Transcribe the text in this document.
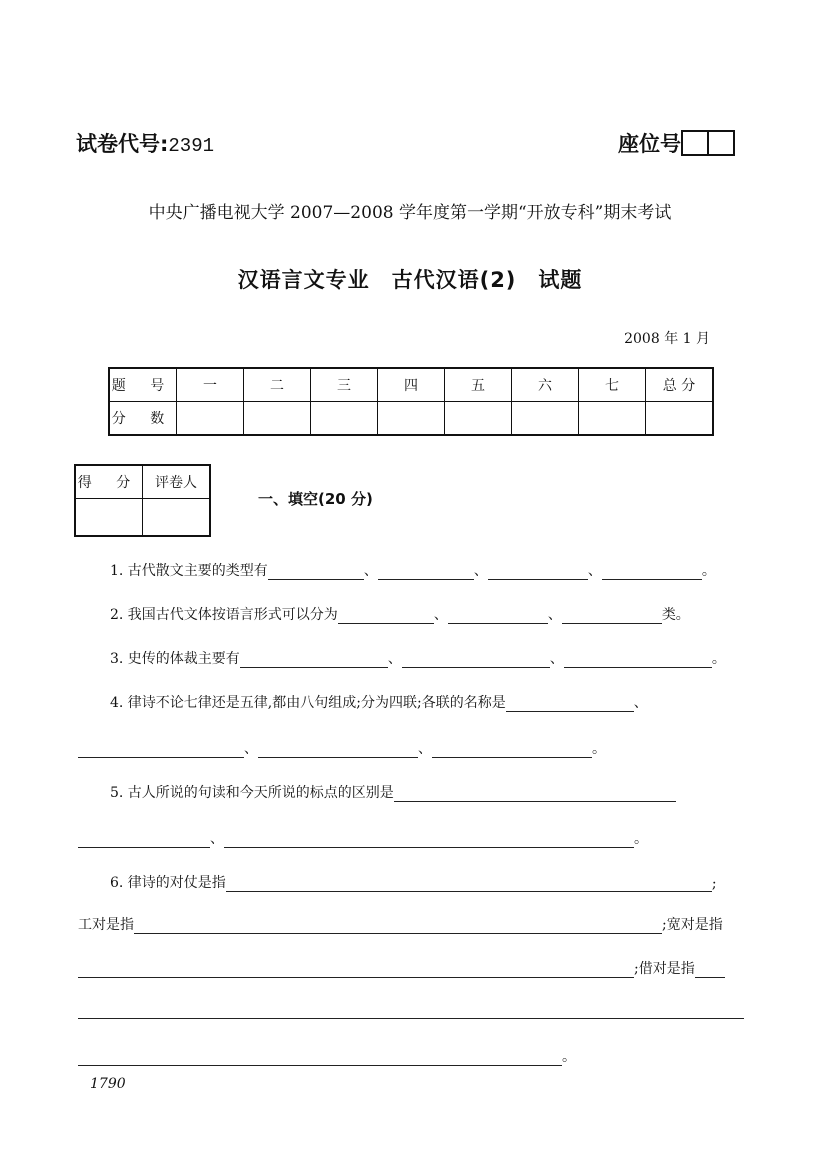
试卷代号:2391	座位号
中央广播电视大学 2007—2008 学年度第一学期“开放专科”期末考试
汉语言文专业　古代汉语(2)　试题
2008 年 1 月
题 号	一	二	三	四	五	六	七	总 分
分 数								
得 分	评卷人

一、填空(20 分)
1. 古代散文主要的类型有	、	、	、	。
2. 我国古代文体按语言形式可以分为	、	、	类。
3. 史传的体裁主要有	、	、	。
4. 律诗不论七律还是五律,都由八句组成;分为四联;各联的名称是	、
、	、	。
5. 古人所说的句读和今天所说的标点的区别是
、	。
6. 律诗的对仗是指	;
工对是指	;宽对是指
;借对是指
。
1790
